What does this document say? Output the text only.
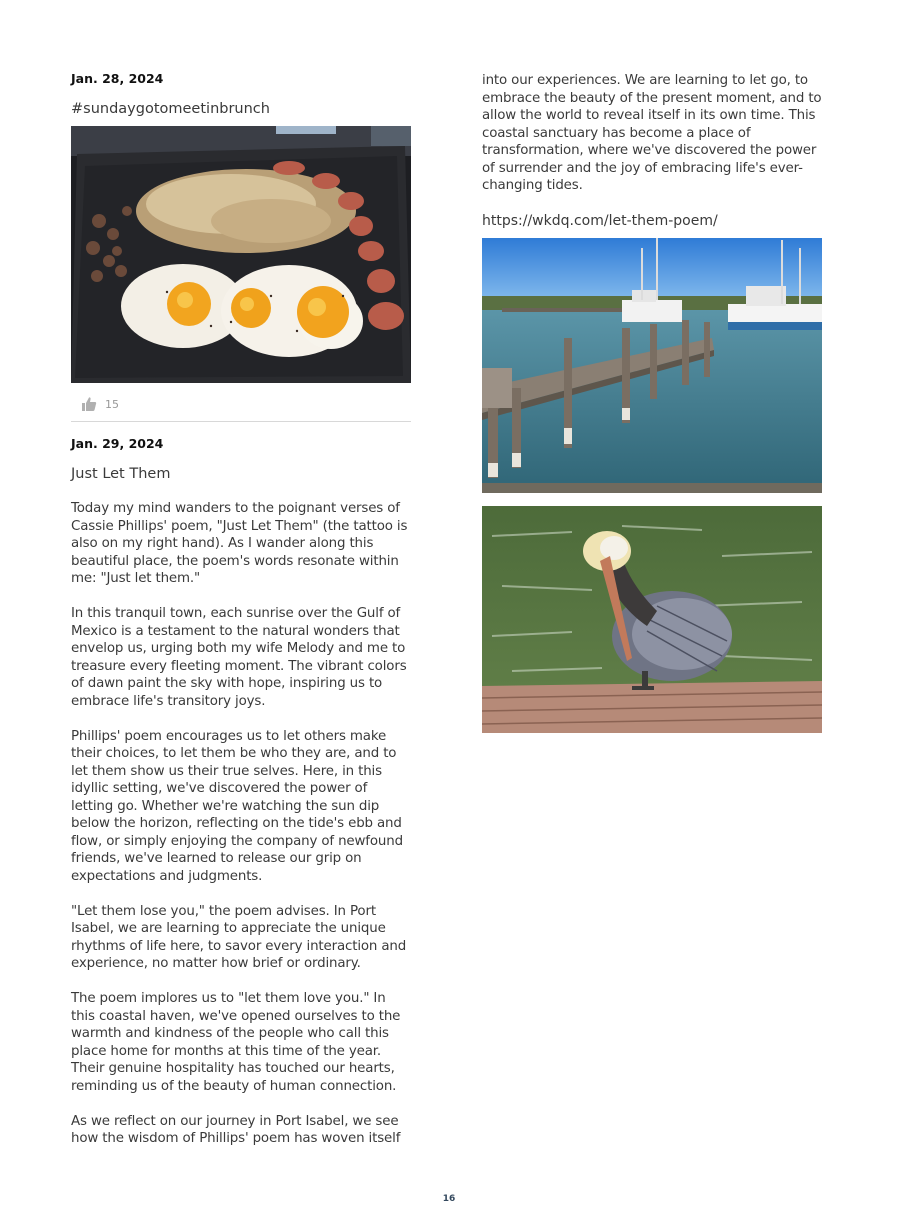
Jan. 28, 2024

#sundaygotomeetinbrunch

15

Jan. 29, 2024

Just Let Them

Today my mind wanders to the poignant verses of Cassie Phillips' poem, "Just Let Them" (the tattoo is also on my right hand). As I wander along this beautiful place, the poem's words resonate within me: "Just let them."

In this tranquil town, each sunrise over the Gulf of Mexico is a testament to the natural wonders that envelop us, urging both my wife Melody and me to treasure every fleeting moment. The vibrant colors of dawn paint the sky with hope, inspiring us to embrace life's transitory joys.

Phillips' poem encourages us to let others make their choices, to let them be who they are, and to let them show us their true selves. Here, in this idyllic setting, we've discovered the power of letting go. Whether we're watching the sun dip below the horizon, reflecting on the tide's ebb and flow, or simply enjoying the company of newfound friends, we've learned to release our grip on expectations and judgments.

"Let them lose you," the poem advises. In Port Isabel, we are learning to appreciate the unique rhythms of life here, to savor every interaction and experience, no matter how brief or ordinary.

The poem implores us to "let them love you." In this coastal haven, we've opened ourselves to the warmth and kindness of the people who call this place home for months at this time of the year. Their genuine hospitality has touched our hearts, reminding us of the beauty of human connection.

As we reflect on our journey in Port Isabel, we see how the wisdom of Phillips' poem has woven itself

into our experiences. We are learning to let go, to embrace the beauty of the present moment, and to allow the world to reveal itself in its own time. This coastal sanctuary has become a place of transformation, where we've discovered the power of surrender and the joy of embracing life's ever-changing tides.

https://wkdq.com/let-them-poem/

16
